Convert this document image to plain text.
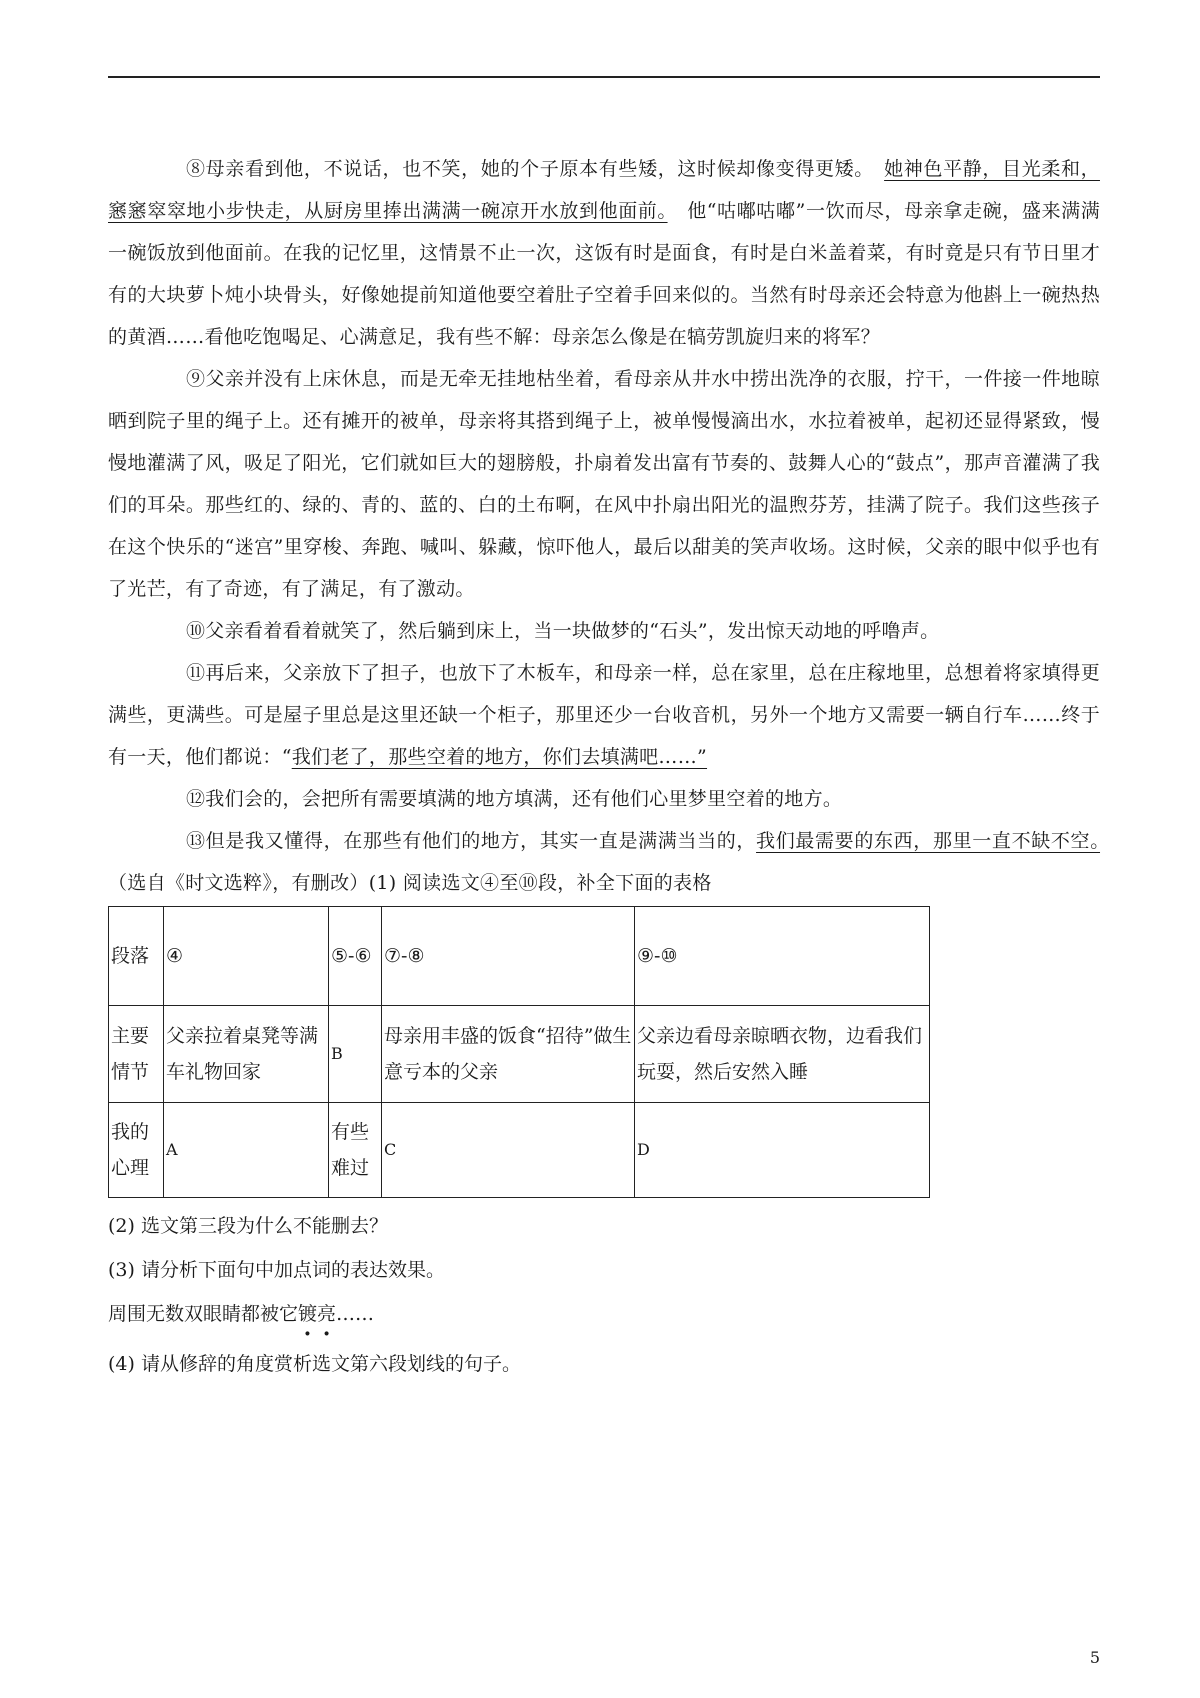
⑧母亲看到他，不说话，也不笑，她的个子原本有些矮，这时候却像变得更矮。　 她神色平静，目光柔和，窸窸窣窣地小步快走，从厨房里捧出满满一碗凉开水放到他面前。　 他“咕嘟咕嘟”一饮而尽，母亲拿走碗，盛来满满一碗饭放到他面前。在我的记忆里，这情景不止一次，这饭有时是面食，有时是白米盖着菜，有时竟是只有节日里才有的大块萝卜炖小块骨头，好像她提前知道他要空着肚子空着手回来似的。当然有时母亲还会特意为他斟上一碗热热的黄酒……看他吃饱喝足、心满意足，我有些不解：母亲怎么像是在犒劳凯旋归来的将军？

⑨父亲并没有上床休息，而是无牵无挂地枯坐着，看母亲从井水中捞出洗净的衣服，拧干，一件接一件地晾晒到院子里的绳子上。还有摊开的被单，母亲将其搭到绳子上，被单慢慢滴出水，水拉着被单，起初还显得紧致，慢慢地灌满了风，吸足了阳光，它们就如巨大的翅膀般，扑扇着发出富有节奏的、鼓舞人心的“鼓点”，那声音灌满了我们的耳朵。那些红的、绿的、青的、蓝的、白的土布啊，在风中扑扇出阳光的温煦芬芳，挂满了院子。我们这些孩子在这个快乐的“迷宫”里穿梭、奔跑、喊叫、躲藏，惊吓他人，最后以甜美的笑声收场。这时候，父亲的眼中似乎也有了光芒，有了奇迹，有了满足，有了激动。

⑩父亲看着看着就笑了，然后躺到床上，当一块做梦的“石头”，发出惊天动地的呼噜声。

⑪再后来，父亲放下了担子，也放下了木板车，和母亲一样，总在家里，总在庄稼地里，总想着将家填得更满些，更满些。可是屋子里总是这里还缺一个柜子，那里还少一台收音机，另外一个地方又需要一辆自行车……终于有一天，他们都说：“我们老了，那些空着的地方，你们去填满吧……”

⑫我们会的，会把所有需要填满的地方填满，还有他们心里梦里空着的地方。

⑬但是我又懂得，在那些有他们的地方，其实一直是满满当当的，我们最需要的东西，那里一直不缺不空。　（选自《时文选粹》，有删改）(1) 阅读选文④至⑩段，补全下面的表格

段落	④	⑤-⑥	⑦-⑧	⑨-⑩
主要情节	父亲拉着桌凳等满车礼物回家	B	母亲用丰盛的饭食“招待”做生意亏本的父亲	父亲边看母亲晾晒衣物，边看我们玩耍，然后安然入睡
我的心理	A	有些难过	C	D

(2) 选文第三段为什么不能删去？

(3) 请分析下面句中加点词的表达效果。

周围无数双眼睛都被它镀亮……

(4) 请从修辞的角度赏析选文第六段划线的句子。

5
